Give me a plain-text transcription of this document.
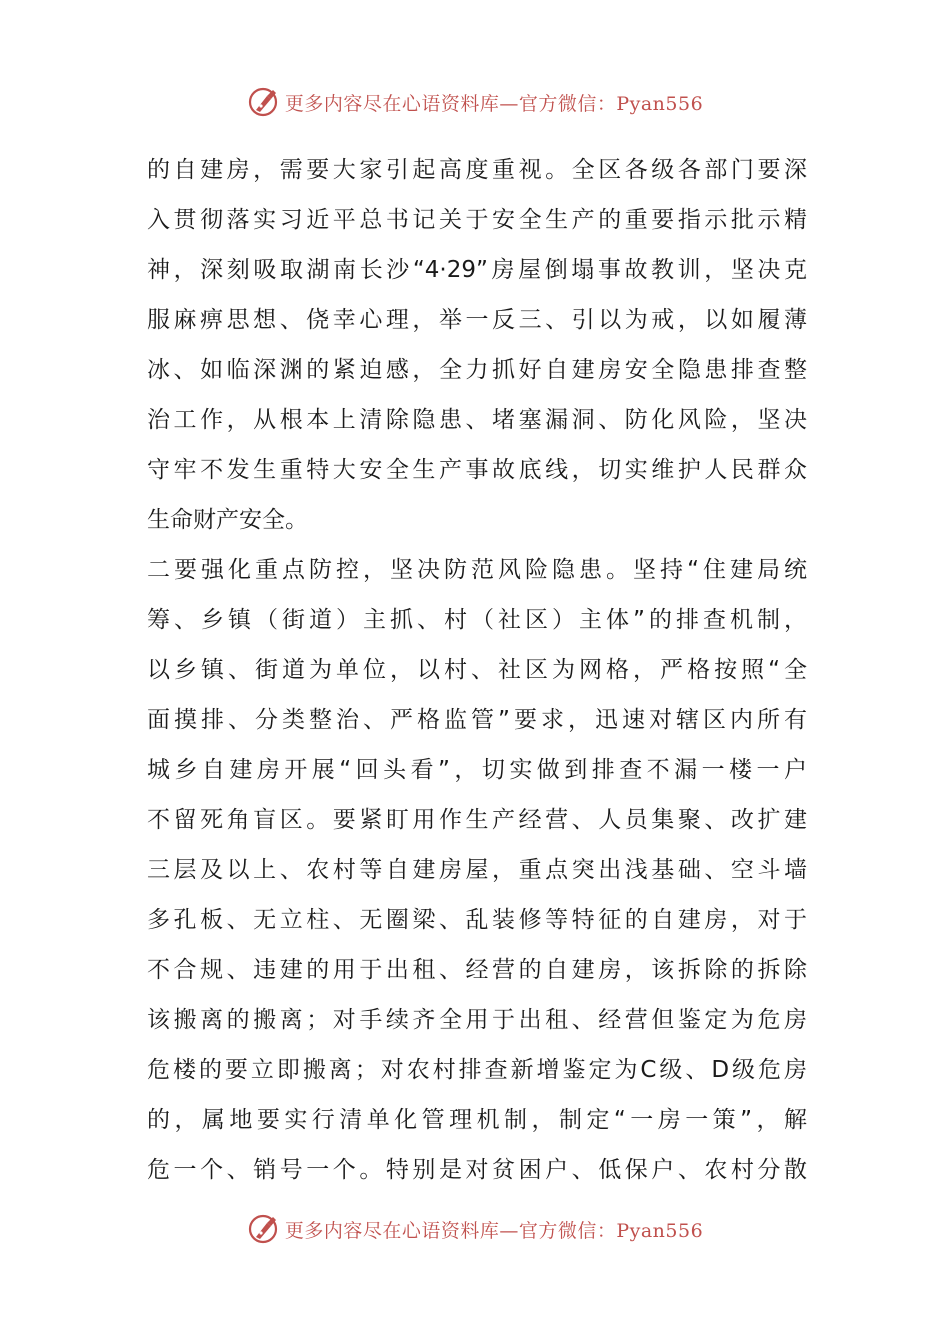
更多内容尽在心语资料库—官方微信：Pyan556
的自建房，需要大家引起高度重视。全区各级各部门要深
入贯彻落实习近平总书记关于安全生产的重要指示批示精
神，深刻吸取湖南长沙“4·29”房屋倒塌事故教训，坚决克
服麻痹思想、侥幸心理，举一反三、引以为戒，以如履薄
冰、如临深渊的紧迫感，全力抓好自建房安全隐患排查整
治工作，从根本上清除隐患、堵塞漏洞、防化风险，坚决
守牢不发生重特大安全生产事故底线，切实维护人民群众
生命财产安全。
二要强化重点防控，坚决防范风险隐患。坚持“住建局统
筹、乡镇（街道）主抓、村（社区）主体”的排查机制，
以乡镇、街道为单位，以村、社区为网格，严格按照“全
面摸排、分类整治、严格监管”要求，迅速对辖区内所有
城乡自建房开展“回头看”，切实做到排查不漏一楼一户
不留死角盲区。要紧盯用作生产经营、人员集聚、改扩建
三层及以上、农村等自建房屋，重点突出浅基础、空斗墙
多孔板、无立柱、无圈梁、乱装修等特征的自建房，对于
不合规、违建的用于出租、经营的自建房，该拆除的拆除
该搬离的搬离；对手续齐全用于出租、经营但鉴定为危房
危楼的要立即搬离；对农村排查新增鉴定为C级、D级危房
的，属地要实行清单化管理机制，制定“一房一策”，解
危一个、销号一个。特别是对贫困户、低保户、农村分散
更多内容尽在心语资料库—官方微信：Pyan556
